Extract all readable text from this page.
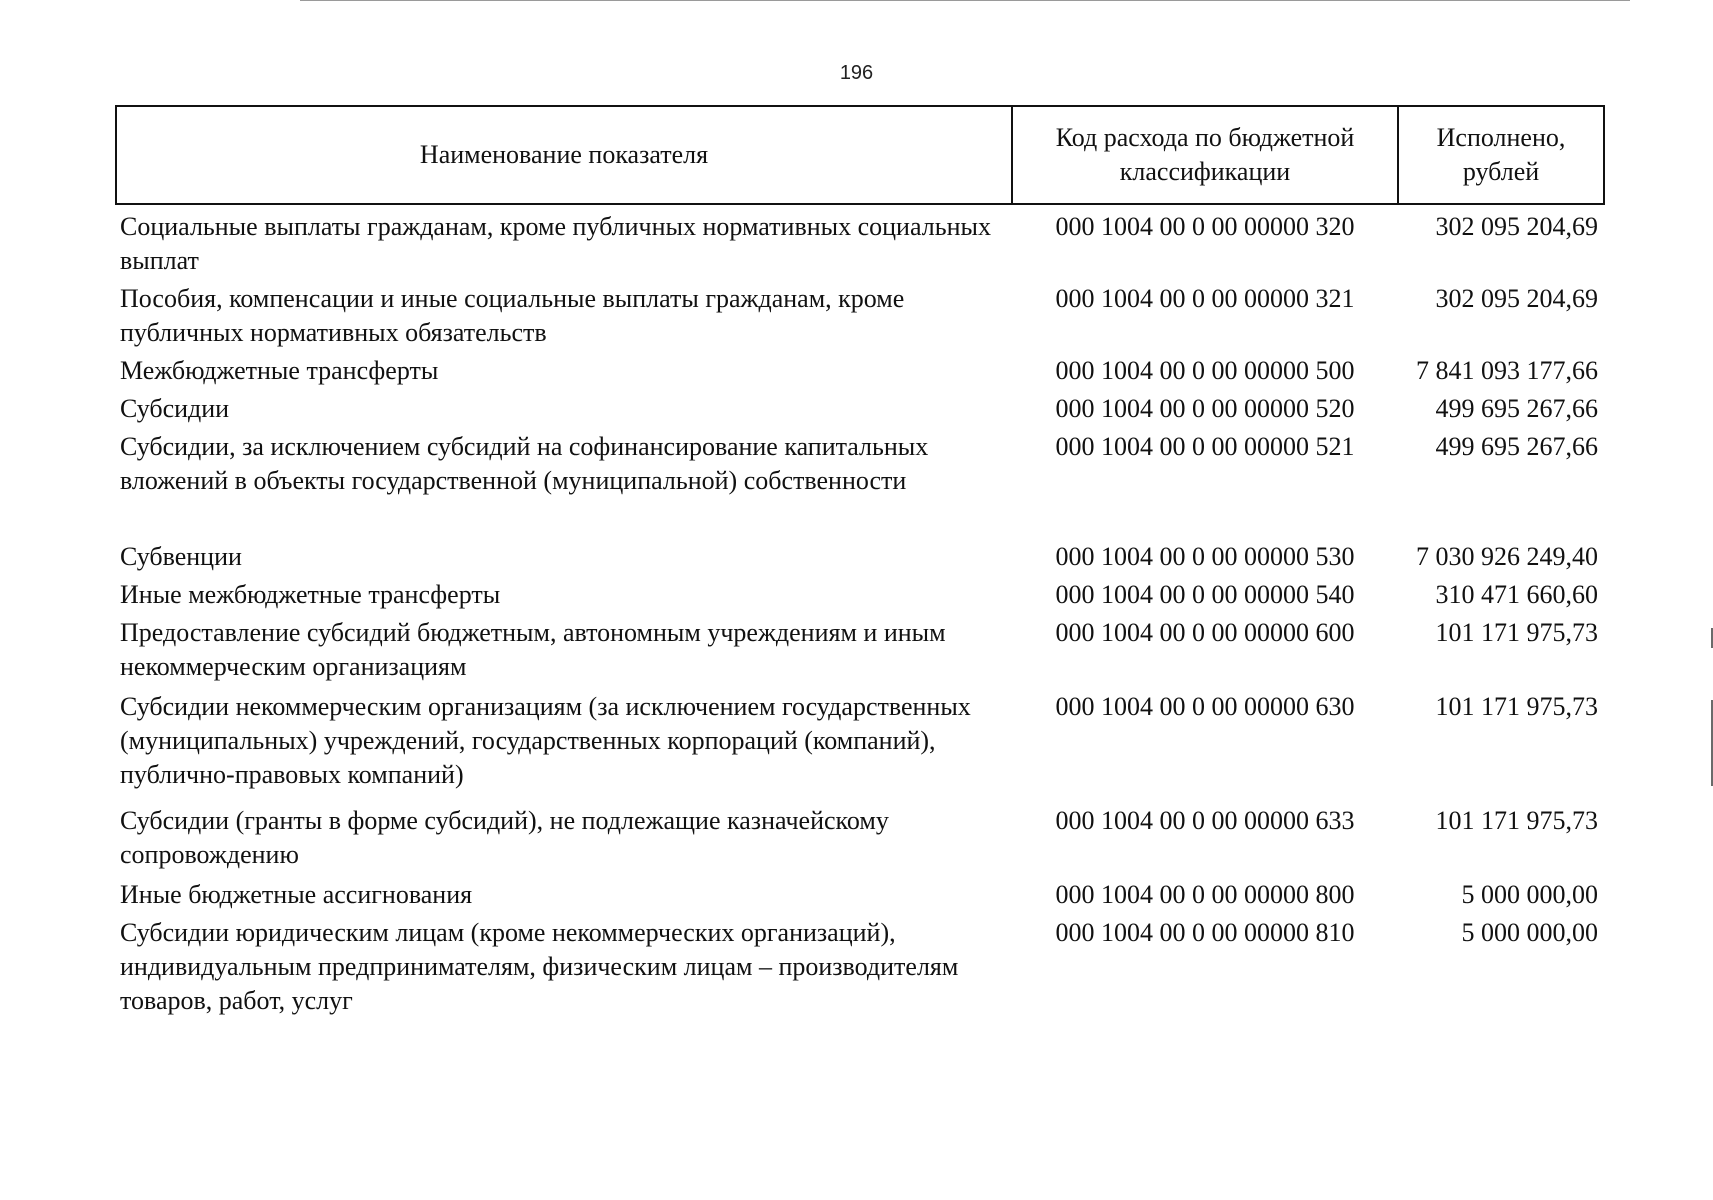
196
Наименование показателя	Код расхода по бюджетной классификации	Исполнено, рублей
Социальные выплаты гражданам, кроме публичных нормативных социальных выплат	000 1004 00 0 00 00000 320	302 095 204,69
Пособия, компенсации и иные социальные выплаты гражданам, кроме публичных нормативных обязательств	000 1004 00 0 00 00000 321	302 095 204,69
Межбюджетные трансферты	000 1004 00 0 00 00000 500	7 841 093 177,66
Субсидии	000 1004 00 0 00 00000 520	499 695 267,66
Субсидии, за исключением субсидий на софинансирование капитальных вложений в объекты государственной (муниципальной) собственности	000 1004 00 0 00 00000 521	499 695 267,66
Субвенции	000 1004 00 0 00 00000 530	7 030 926 249,40
Иные межбюджетные трансферты	000 1004 00 0 00 00000 540	310 471 660,60
Предоставление субсидий бюджетным, автономным учреждениям и иным некоммерческим организациям	000 1004 00 0 00 00000 600	101 171 975,73
Субсидии некоммерческим организациям (за исключением государственных (муниципальных) учреждений, государственных корпораций (компаний), публично-правовых компаний)	000 1004 00 0 00 00000 630	101 171 975,73
Субсидии (гранты в форме субсидий), не подлежащие казначейскому сопровождению	000 1004 00 0 00 00000 633	101 171 975,73
Иные бюджетные ассигнования	000 1004 00 0 00 00000 800	5 000 000,00
Субсидии юридическим лицам (кроме некоммерческих организаций), индивидуальным предпринимателям, физическим лицам – производителям товаров, работ, услуг	000 1004 00 0 00 00000 810	5 000 000,00
